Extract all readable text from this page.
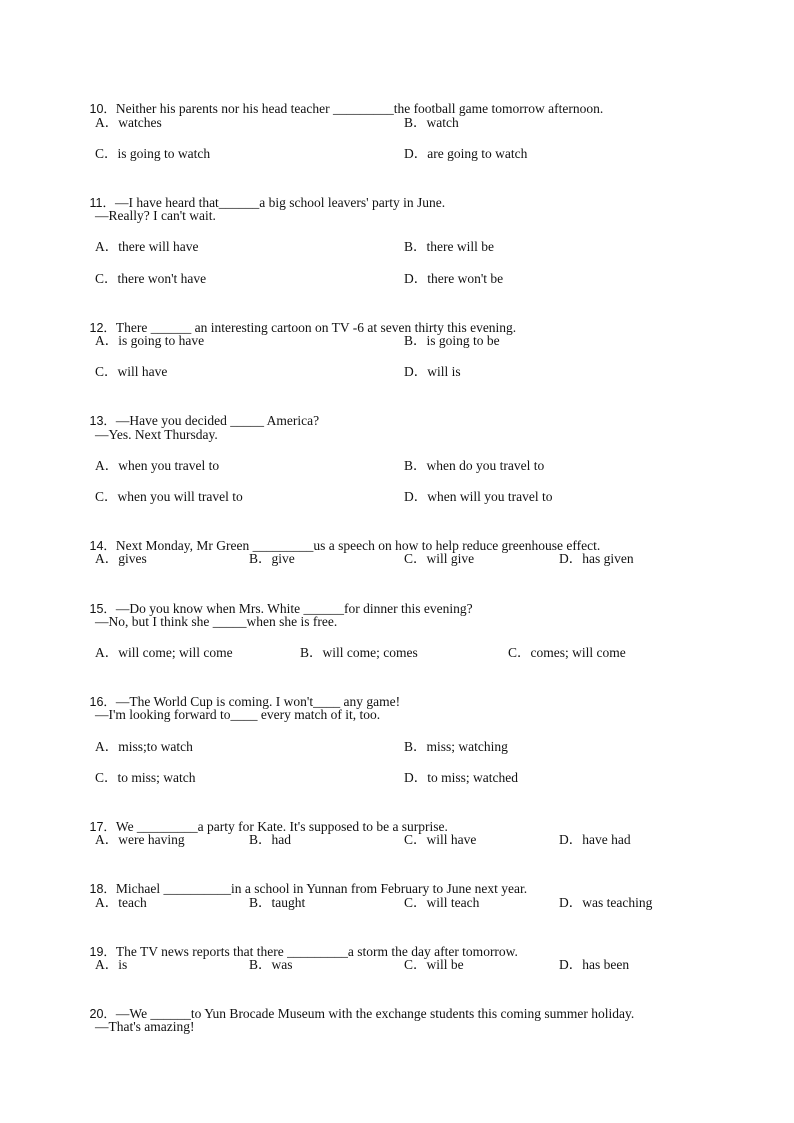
10．Neither his parents nor his head teacher _________the football game tomorrow afternoon.

A．watches	B．watch
C．is going to watch	D．are going to watch

11．—I have heard that______a big school leavers' party in June.

—Really? I can't wait.
A．there will have	B．there will be
C．there won't have	D．there won't be

12．There ______ an interesting cartoon on TV -6 at seven thirty this evening.

A．is going to have	B．is going to be
C．will have	D．will is

13．—Have you decided _____ America?

—Yes. Next Thursday.
A．when you travel to	B．when do you travel to
C．when you will travel to	D．when will you travel to

14．Next Monday, Mr Green _________us a speech on how to help reduce greenhouse effect.

A．gives	B．give	C．will give	D．has given

15．—Do you know when Mrs. White ______for dinner this evening?

—No, but I think she _____when she is free.
A．will come; will come	B．will come; comes	C．comes; will come

16．—The World Cup is coming. I won't____ any game!

—I'm looking forward to____ every match of it, too.
A．miss;to watch	B．miss; watching
C．to miss; watch	D．to miss; watched

17．We _________a party for Kate. It's supposed to be a surprise.

A．were having	B．had	C．will have	D．have had

18．Michael __________in a school in Yunnan from February to June next year.

A．teach	B．taught	C．will teach	D．was teaching

19．The TV news reports that there _________a storm the day after tomorrow.

A．is	B．was	C．will be	D．has been

20．—We ______to Yun Brocade Museum with the exchange students this coming summer holiday.

—That's amazing!
